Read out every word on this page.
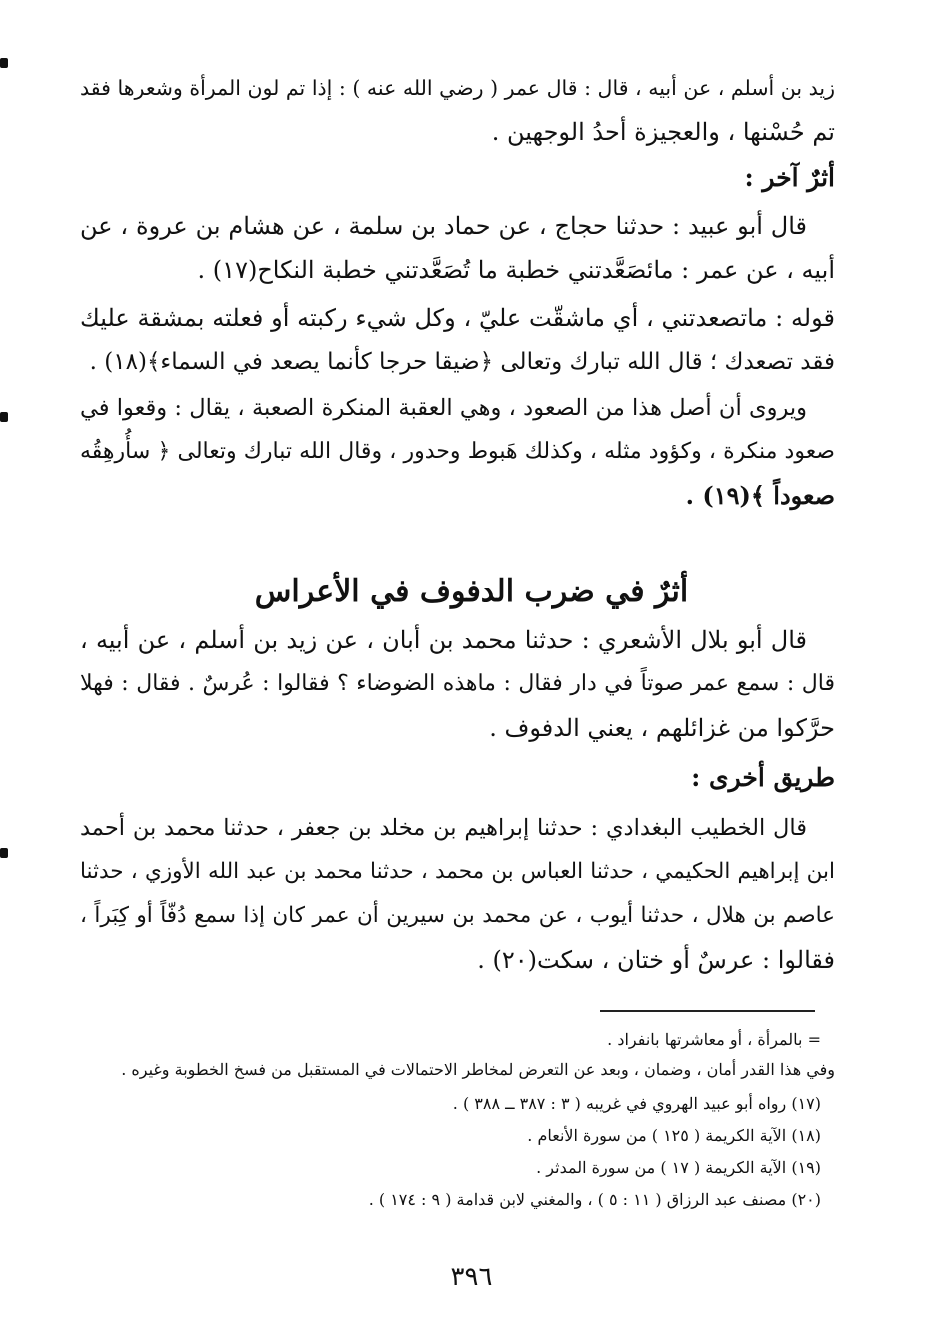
زيد بن أسلم ، عن أبيه ، قال : قال عمر ( رضي الله عنه ) : إذا تم لون المرأة وشعرها فقد
تم حُسْنها ، والعجيزة أحدُ الوجهين .
أثرٌ آخر :
قال أبو عبيد : حدثنا حجاج ، عن حماد بن سلمة ، عن هشام بن عروة ، عن
أبيه ، عن عمر : مائصَعَّدتني خطبة ما تُصَعَّدتني خطبة النكاح(١٧) .
قوله : ماتصعدتني ، أي ماشقّت عليّ ، وكل شيء ركبته أو فعلته بمشقة عليك
فقد تصعدك ؛ قال الله تبارك وتعالى ﴿ضيقا حرجا كأنما يصعد في السماء﴾(١٨) .
ويروى أن أصل هذا من الصعود ، وهي العقبة المنكرة الصعبة ، يقال : وقعوا في
صعود منكرة ، وكؤود مثله ، وكذلك هَبوط وحدور ، وقال الله تبارك وتعالى ﴿ سأُرهِقُه
صعوداً ﴾(١٩) .
أثرٌ في ضرب الدفوف في الأعراس
قال أبو بلال الأشعري : حدثنا محمد بن أبان ، عن زيد بن أسلم ، عن أبيه ،
قال : سمع عمر صوتاً في دار فقال : ماهذه الضوضاء ؟ فقالوا : عُرسٌ . فقال : فهلا
حرَّكوا من غزائلهم ، يعني الدفوف .
طريق أخرى :
قال الخطيب البغدادي : حدثنا إبراهيم بن مخلد بن جعفر ، حدثنا محمد بن أحمد
ابن إبراهيم الحكيمي ، حدثنا العباس بن محمد ، حدثنا محمد بن عبد الله الأوزي ، حدثنا
عاصم بن هلال ، حدثنا أيوب ، عن محمد بن سيرين أن عمر كان إذا سمع دُفّاً أو كِبَراً ،
فقالوا : عرسٌ أو ختان ، سكت(٢٠) .
= بالمرأة ، أو معاشرتها بانفراد .
وفي هذا القدر أمان ، وضمان ، وبعد عن التعرض لمخاطر الاحتمالات في المستقبل من فسخ الخطوبة وغيره .
(١٧) رواه أبو عبيد الهروي في غريبه ( ٣ : ٣٨٧ ــ ٣٨٨ ) .
(١٨) الآية الكريمة ( ١٢٥ ) من سورة الأنعام .
(١٩) الآية الكريمة ( ١٧ ) من سورة المدثر .
(٢٠) مصنف عبد الرزاق ( ١١ : ٥ ) ، والمغني لابن قدامة ( ٩ : ١٧٤ ) .
٣٩٦
